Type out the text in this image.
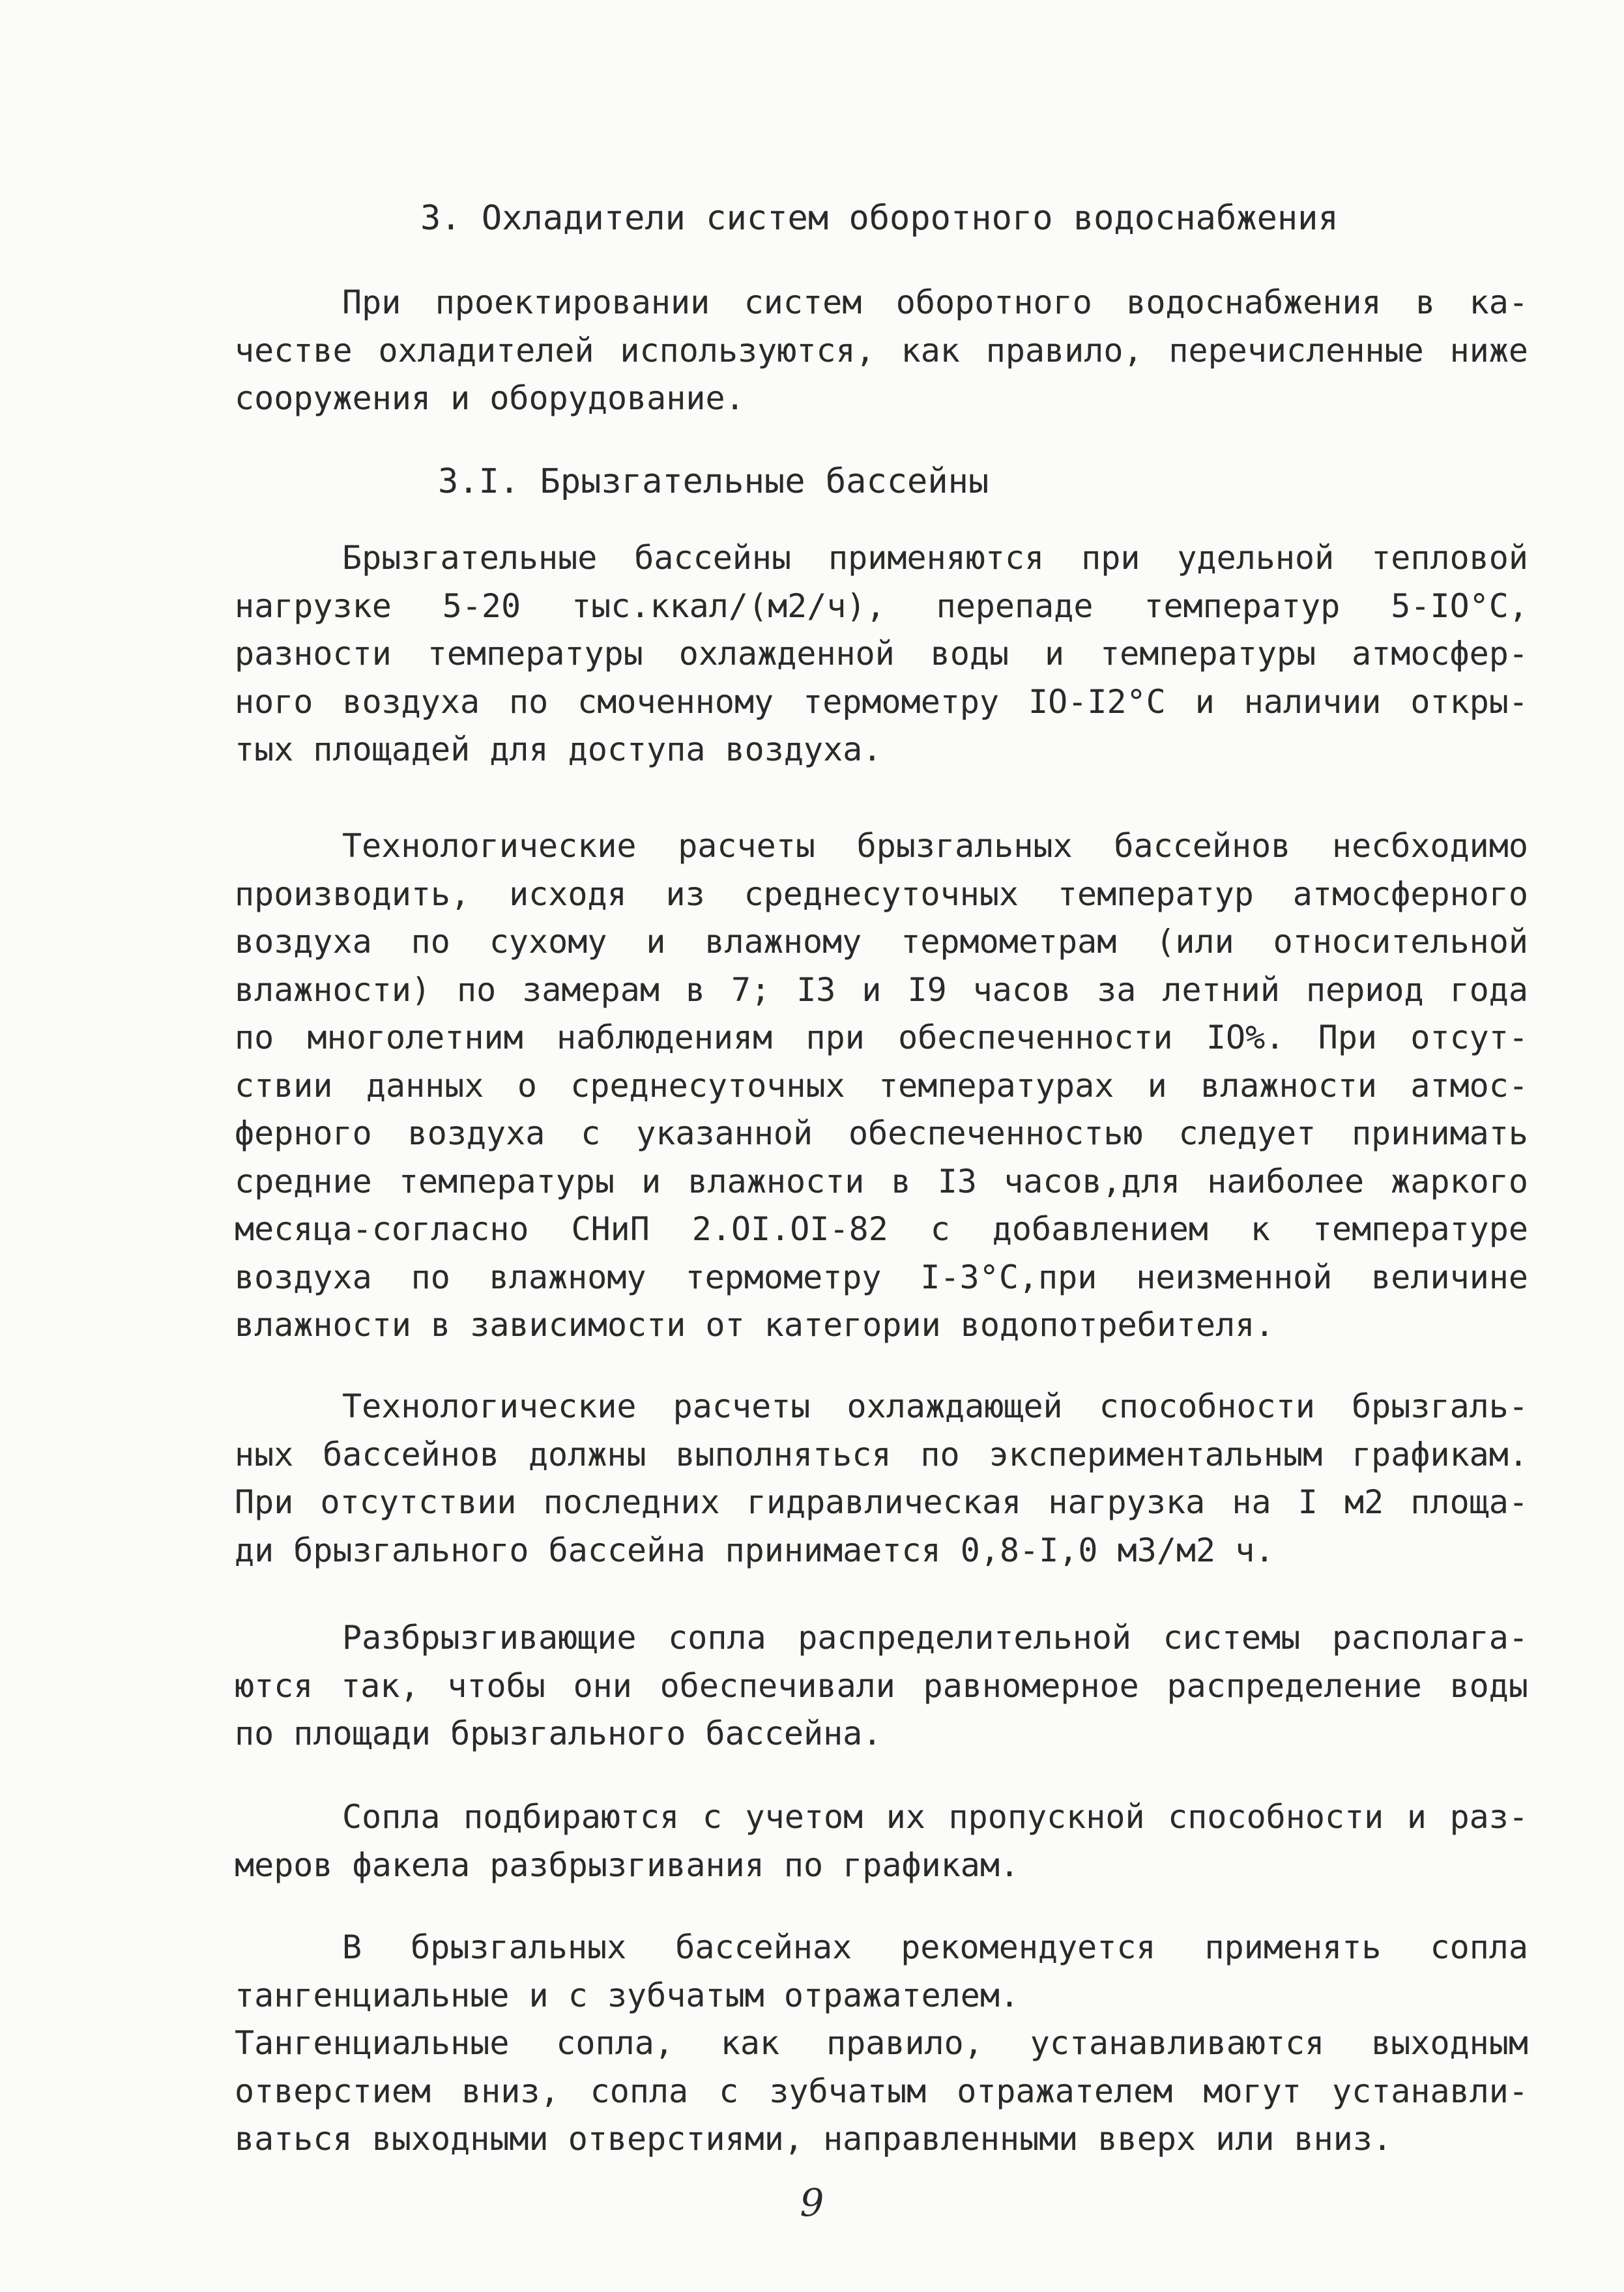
3. Охладители систем оборотного водоснабжения

При проектировании систем оборотного водоснабжения в ка-
честве охладителей используются, как правило, перечисленные ниже
сооружения и оборудование.

3.I. Брызгательные бассейны

Брызгательные бассейны применяются при удельной тепловой
нагрузке 5-20 тыс.ккал/(м2/ч), перепаде температур 5-IO°C,
разности температуры охлажденной воды и температуры атмосфер-
ного воздуха по смоченному термометру IO-I2°C и наличии откры-
тых площадей для доступа воздуха.

Технологические расчеты брызгальных бассейнов несбходимо
производить, исходя из среднесуточных температур атмосферного
воздуха по сухому и влажному термометрам (или относительной
влажности) по замерам в 7; I3 и I9 часов за летний период года
по многолетним наблюдениям при обеспеченности IO%. При отсут-
ствии данных о среднесуточных температурах и влажности атмос-
ферного воздуха с указанной обеспеченностью следует принимать
средние температуры и влажности в I3 часов,для наиболее жаркого
месяца-согласно СНиП 2.OI.OI-82 с добавлением к температуре
воздуха по влажному термометру I-3°C,при неизменной величине
влажности в зависимости от категории водопотребителя.

Технологические расчеты охлаждающей способности брызгаль-
ных бассейнов должны выполняться по экспериментальным графикам.
При отсутствии последних гидравлическая нагрузка на I м2 площа-
ди брызгального бассейна принимается 0,8-I,0 м3/м2 ч.

Разбрызгивающие сопла распределительной системы располага-
ются так, чтобы они обеспечивали равномерное распределение воды
по площади брызгального бассейна.

Сопла подбираются с учетом их пропускной способности и раз-
меров факела разбрызгивания по графикам.

В брызгальных бассейнах рекомендуется применять сопла
тангенциальные и с зубчатым отражателем.

Тангенциальные сопла, как правило, устанавливаются выходным
отверстием вниз, сопла с зубчатым отражателем могут устанавли-
ваться выходными отверстиями, направленными вверх или вниз.

9
